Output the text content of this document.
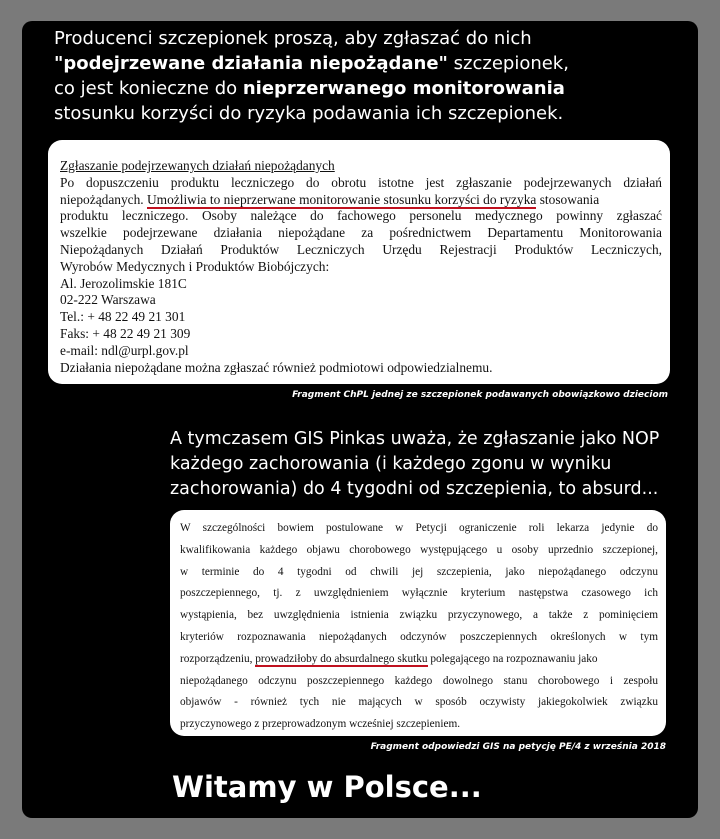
Producenci szczepionek proszą, aby zgłaszać do nich
"podejrzewane działania niepożądane" szczepionek,
co jest konieczne do nieprzerwanego monitorowania
stosunku korzyści do ryzyka podawania ich szczepionek.
Zgłaszanie podejrzewanych działań niepożądanych
Po dopuszczeniu produktu leczniczego do obrotu istotne jest zgłaszanie podejrzewanych działań
niepożądanych. Umożliwia to nieprzerwane monitorowanie stosunku korzyści do ryzyka stosowania
produktu leczniczego. Osoby należące do fachowego personelu medycznego powinny zgłaszać
wszelkie podejrzewane działania niepożądane za pośrednictwem Departamentu Monitorowania
Niepożądanych Działań Produktów Leczniczych Urzędu Rejestracji Produktów Leczniczych,
Wyrobów Medycznych i Produktów Biobójczych:
Al. Jerozolimskie 181C
02-222 Warszawa
Tel.: + 48 22 49 21 301
Faks: + 48 22 49 21 309
e-mail: ndl@urpl.gov.pl
Działania niepożądane można zgłaszać również podmiotowi odpowiedzialnemu.
Fragment ChPL jednej ze szczepionek podawanych obowiązkowo dzieciom
A tymczasem GIS Pinkas uważa, że zgłaszanie jako NOP
każdego zachorowania (i każdego zgonu w wyniku
zachorowania) do 4 tygodni od szczepienia, to absurd...
W szczególności bowiem postulowane w Petycji ograniczenie roli lekarza jedynie do
kwalifikowania każdego objawu chorobowego występującego u osoby uprzednio szczepionej,
w terminie do 4 tygodni od chwili jej szczepienia, jako niepożądanego odczynu
poszczepiennego, tj. z uwzględnieniem wyłącznie kryterium następstwa czasowego ich
wystąpienia, bez uwzględnienia istnienia związku przyczynowego, a także z pominięciem
kryteriów rozpoznawania niepożądanych odczynów poszczepiennych określonych w tym
rozporządzeniu, prowadziłoby do absurdalnego skutku polegającego na rozpoznawaniu jako
niepożądanego odczynu poszczepiennego każdego dowolnego stanu chorobowego i zespołu
objawów - również tych nie mających w sposób oczywisty jakiegokolwiek związku
przyczynowego z przeprowadzonym wcześniej szczepieniem.
Fragment odpowiedzi GIS na petycję PE/4 z września 2018
Witamy w Polsce...
